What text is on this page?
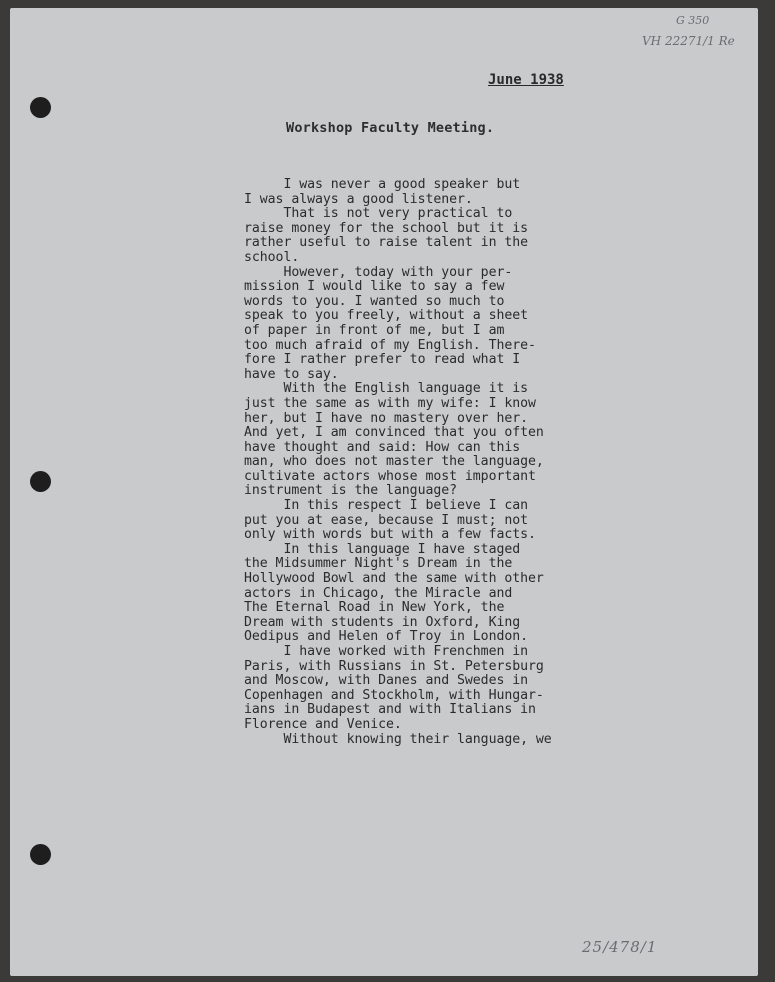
G 350
VH 22271/1 Re
25/478/1
June 1938
Workshop Faculty Meeting.
I was never a good speaker but
I was always a good listener.
That is not very practical to
raise money for the school but it is
rather useful to raise talent in the
school.
However, today with your per-
mission I would like to say a few
words to you. I wanted so much to
speak to you freely, without a sheet
of paper in front of me, but I am
too much afraid of my English. There-
fore I rather prefer to read what I
have to say.
With the English language it is
just the same as with my wife: I know
her, but I have no mastery over her.
And yet, I am convinced that you often
have thought and said: How can this
man, who does not master the language,
cultivate actors whose most important
instrument is the language?
In this respect I believe I can
put you at ease, because I must; not
only with words but with a few facts.
In this language I have staged
the Midsummer Night's Dream in the
Hollywood Bowl and the same with other
actors in Chicago, the Miracle and
The Eternal Road in New York, the
Dream with students in Oxford, King
Oedipus and Helen of Troy in London.
I have worked with Frenchmen in
Paris, with Russians in St. Petersburg
and Moscow, with Danes and Swedes in
Copenhagen and Stockholm, with Hungar-
ians in Budapest and with Italians in
Florence and Venice.
Without knowing their language, we
